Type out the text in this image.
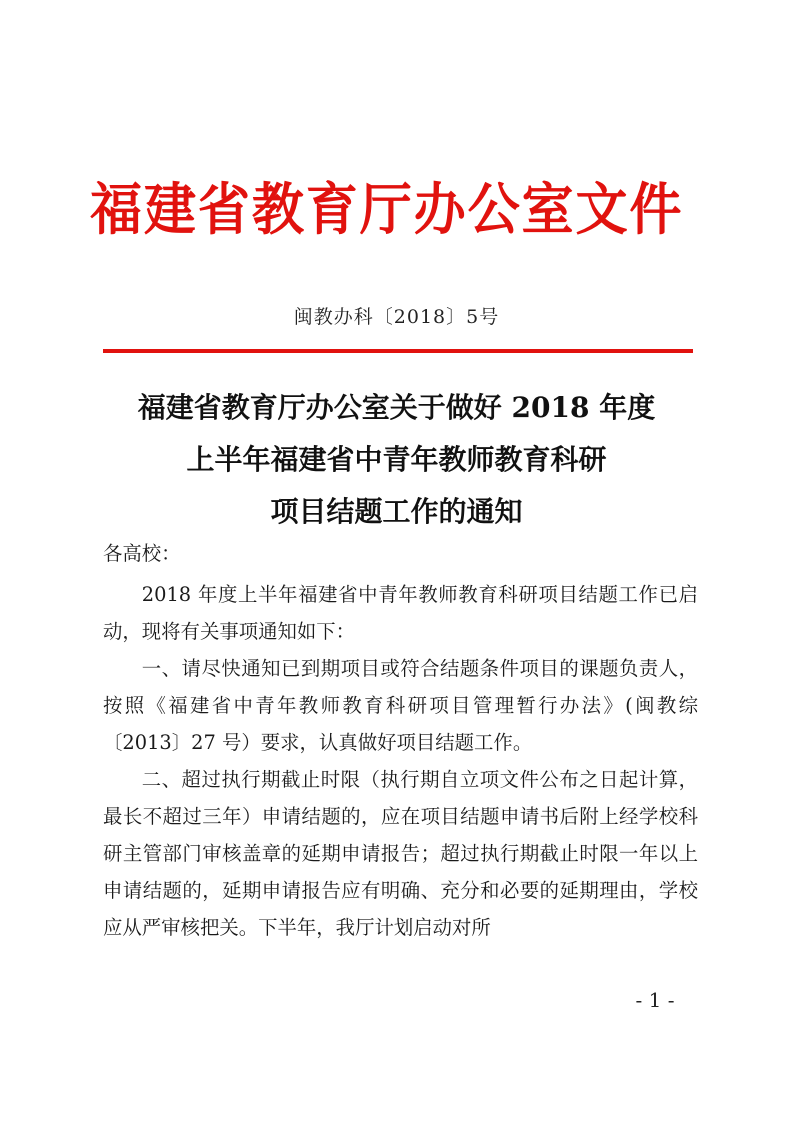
福建省教育厅办公室文件
闽教办科〔2018〕5号
福建省教育厅办公室关于做好 2018 年度
上半年福建省中青年教师教育科研
项目结题工作的通知
各高校：
2018 年度上半年福建省中青年教师教育科研项目结题工作已启动，现将有关事项通知如下：
一、请尽快通知已到期项目或符合结题条件项目的课题负责人，按照《福建省中青年教师教育科研项目管理暂行办法》(闽教综〔2013〕27 号）要求，认真做好项目结题工作。
二、超过执行期截止时限（执行期自立项文件公布之日起计算，最长不超过三年）申请结题的，应在项目结题申请书后附上经学校科研主管部门审核盖章的延期申请报告；超过执行期截止时限一年以上申请结题的，延期申请报告应有明确、充分和必要的延期理由，学校应从严审核把关。下半年，我厅计划启动对所
- 1 -
